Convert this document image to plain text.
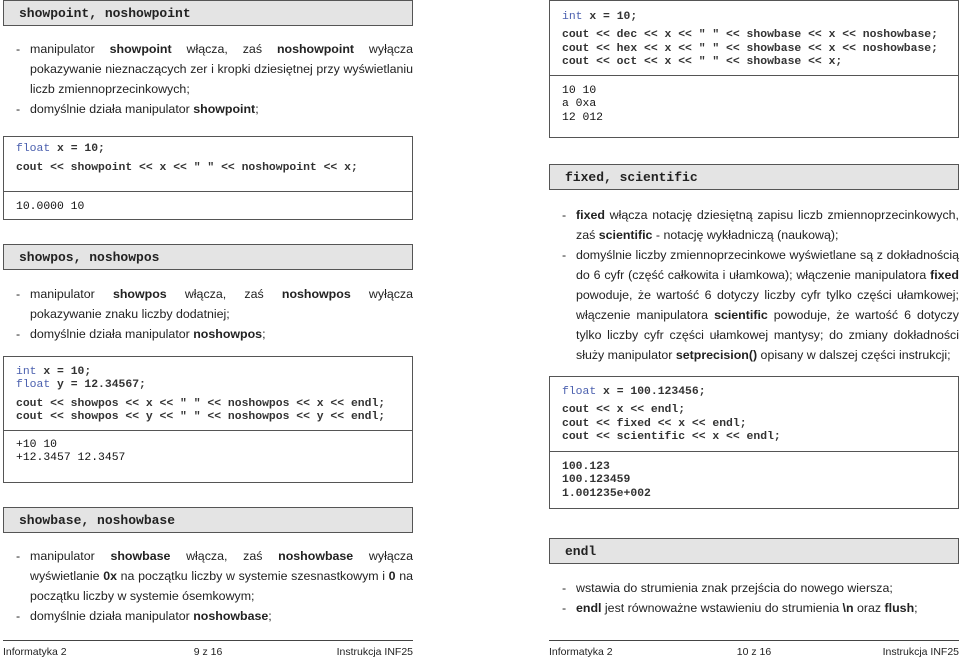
showpoint, noshowpoint
- manipulator showpoint włącza, zaś noshowpoint wyłącza pokazywanie nieznaczących zer i kropki dziesiętnej przy wyświetlaniu liczb zmiennoprzecinkowych;
- domyślnie działa manipulator showpoint;
float x = 10;
cout << showpoint << x << " " << noshowpoint << x;
10.0000 10
showpos, noshowpos
- manipulator showpos włącza, zaś noshowpos wyłącza pokazywanie znaku liczby dodatniej;
- domyślnie działa manipulator noshowpos;
int x = 10;
float y = 12.34567;
cout << showpos << x << " " << noshowpos << x << endl;
cout << showpos << y << " " << noshowpos << y << endl;
+10 10
+12.3457 12.3457
showbase, noshowbase
- manipulator showbase włącza, zaś noshowbase wyłącza wyświetlanie 0x na początku liczby w systemie szesnastkowym i 0 na początku liczby w systemie ósemkowym;
- domyślnie działa manipulator noshowbase;
Informatyka 2	9 z 16	Instrukcja INF25
int x = 10;
cout << dec << x << " " << showbase << x << noshowbase;
cout << hex << x << " " << showbase << x << noshowbase;
cout << oct << x << " " << showbase << x;
10 10
a 0xa
12 012
fixed, scientific
- fixed włącza notację dziesiętną zapisu liczb zmiennoprzecinkowych, zaś scientific - notację wykładniczą (naukową);
- domyślnie liczby zmiennoprzecinkowe wyświetlane są z dokładnością do 6 cyfr (część całkowita i ułamkowa); włączenie manipulatora fixed powoduje, że wartość 6 dotyczy liczby cyfr tylko części ułamkowej; włączenie manipulatora scientific powoduje, że wartość 6 dotyczy tylko liczby cyfr części ułamkowej mantysy; do zmiany dokładności służy manipulator setprecision() opisany w dalszej części instrukcji;
float x = 100.123456;
cout << x << endl;
cout << fixed << x << endl;
cout << scientific << x << endl;
100.123
100.123459
1.001235e+002
endl
- wstawia do strumienia znak przejścia do nowego wiersza;
- endl jest równoważne wstawieniu do strumienia \n oraz flush;
Informatyka 2	10 z 16	Instrukcja INF25
